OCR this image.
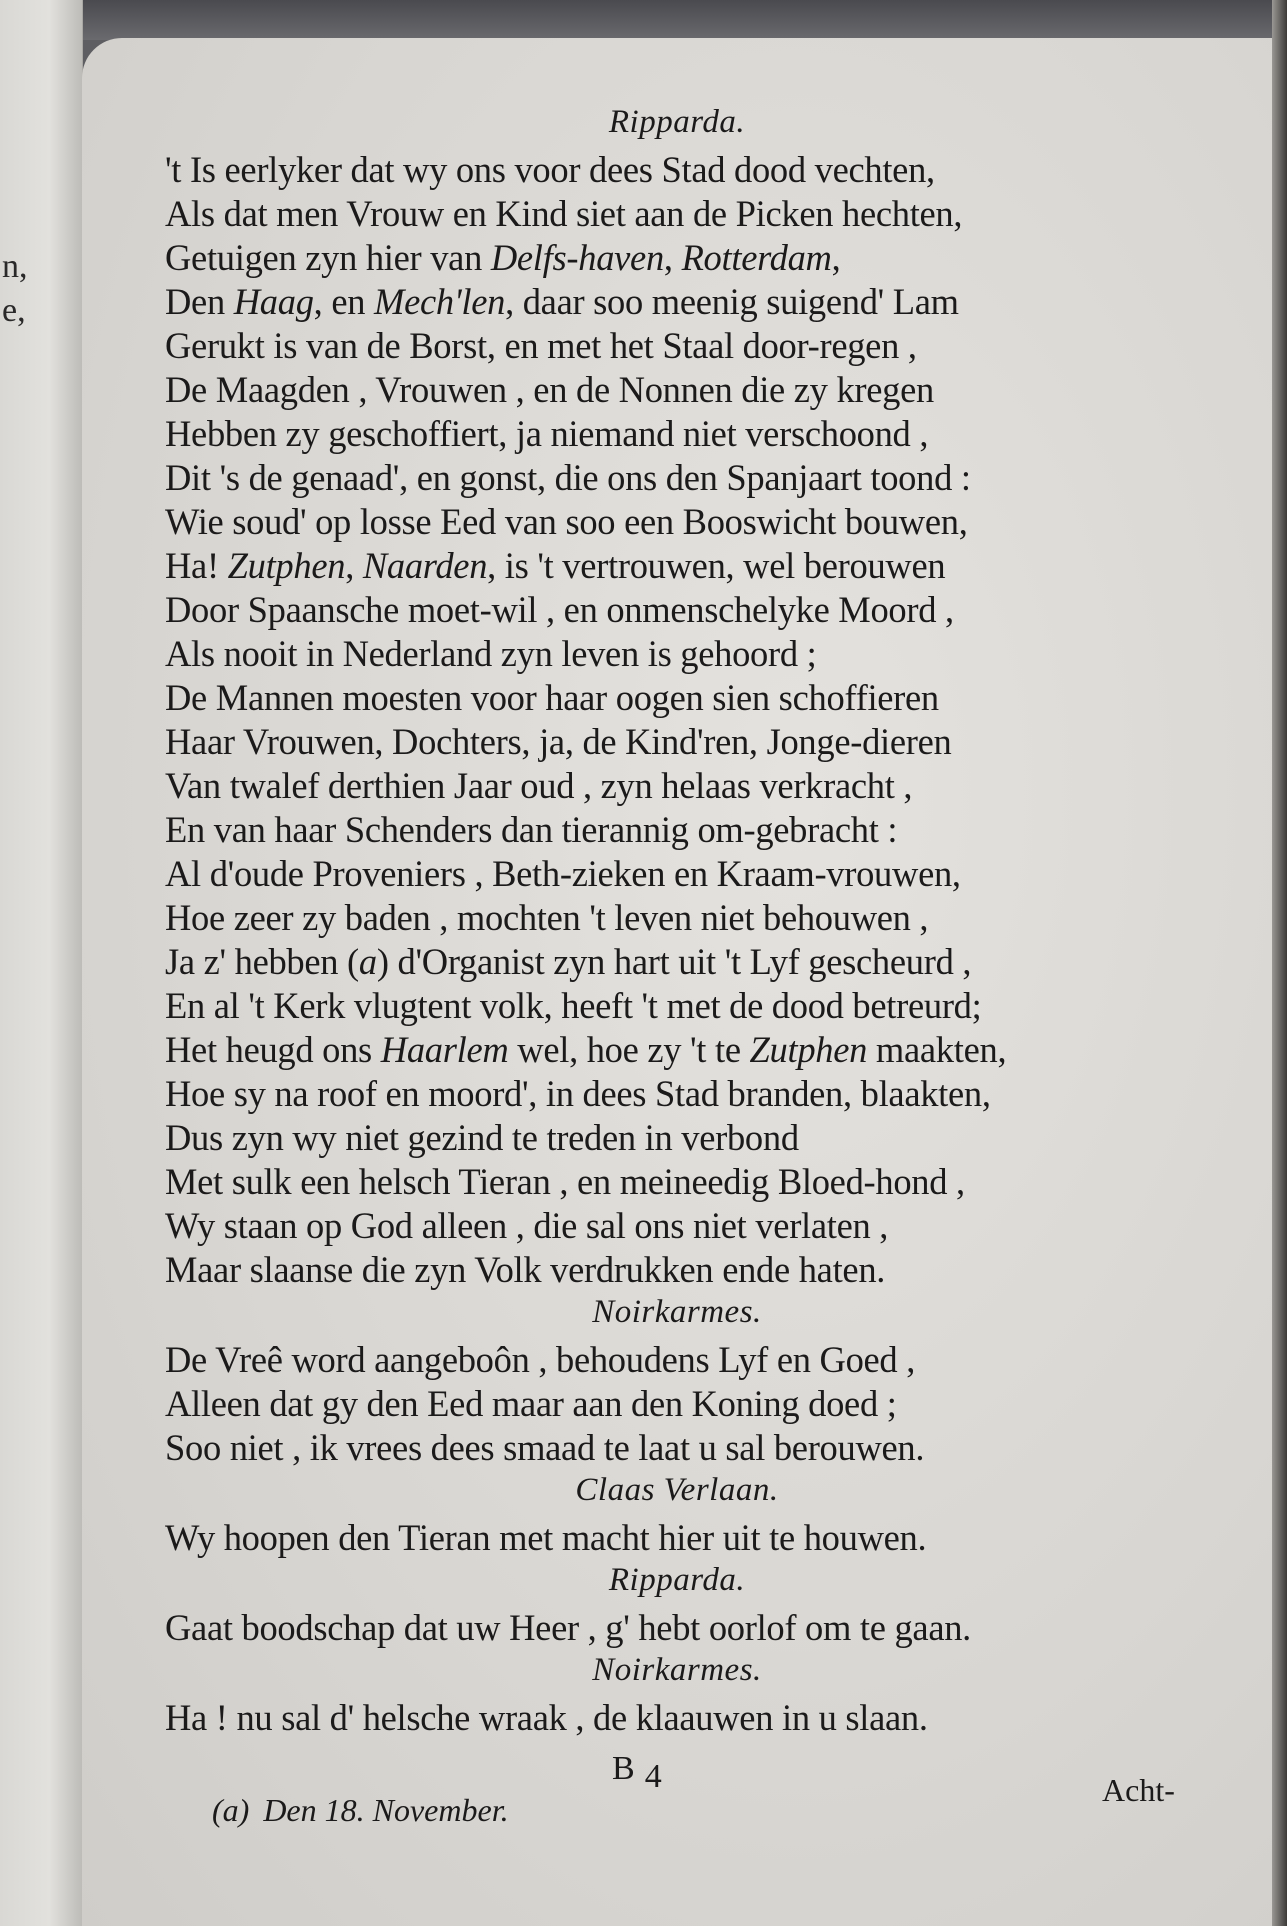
n,
e,
B 4	Acht-
(a) Den 18. November.
Ripparda.
't Is eerlyker dat wy ons voor dees Stad dood vechten,
Als dat men Vrouw en Kind siet aan de Picken hechten,
Getuigen zyn hier van Delfs-haven, Rotterdam,
Den Haag, en Mech'len, daar soo meenig suigend' Lam
Gerukt is van de Borst, en met het Staal door-regen ,
De Maagden , Vrouwen , en de Nonnen die zy kregen
Hebben zy geschoffiert, ja niemand niet verschoond ,
Dit 's de genaad', en gonst, die ons den Spanjaart toond :
Wie soud' op losse Eed van soo een Booswicht bouwen,
Ha! Zutphen, Naarden, is 't vertrouwen, wel berouwen
Door Spaansche moet-wil , en onmenschelyke Moord ,
Als nooit in Nederland zyn leven is gehoord ;
De Mannen moesten voor haar oogen sien schoffieren
Haar Vrouwen, Dochters, ja, de Kind'ren, Jonge-dieren
Van twalef derthien Jaar oud , zyn helaas verkracht ,
En van haar Schenders dan tierannig om-gebracht :
Al d'oude Proveniers , Beth-zieken en Kraam-vrouwen,
Hoe zeer zy baden , mochten 't leven niet behouwen ,
Ja z' hebben (a) d'Organist zyn hart uit 't Lyf gescheurd ,
En al 't Kerk vlugtent volk, heeft 't met de dood betreurd;
Het heugd ons Haarlem wel, hoe zy 't te Zutphen maakten,
Hoe sy na roof en moord', in dees Stad branden, blaakten,
Dus zyn wy niet gezind te treden in verbond
Met sulk een helsch Tieran , en meineedig Bloed-hond ,
Wy staan op God alleen , die sal ons niet verlaten ,
Maar slaanse die zyn Volk verdrukken ende haten.
Noirkarmes.
De Vreê word aangeboôn , behoudens Lyf en Goed ,
Alleen dat gy den Eed maar aan den Koning doed ;
Soo niet , ik vrees dees smaad te laat u sal berouwen.
Claas Verlaan.
Wy hoopen den Tieran met macht hier uit te houwen.
Ripparda.
Gaat boodschap dat uw Heer , g' hebt oorlof om te gaan.
Noirkarmes.
Ha ! nu sal d' helsche wraak , de klaauwen in u slaan.
